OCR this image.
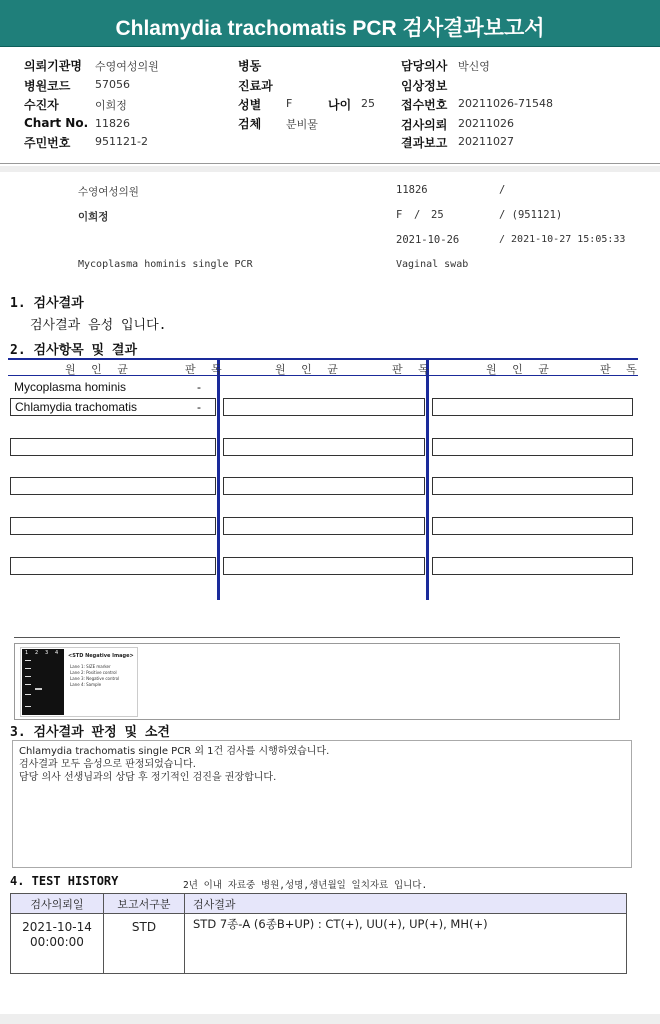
Chlamydia trachomatis PCR 검사결과보고서
의뢰기관명 수영여성의원
병원코드 57056
수진자	이희정
Chart No. 11826
주민번호 951121-2
병동
진료과
성별 F	나이 25
검체 분비물
담당의사 박신영
임상정보
접수번호 20211026-71548
검사의뢰 20211026
결과보고 20211027
수영여성의원	11826	/
이희정	F / 25	/ (951121)
2021-10-26	/ 2021-10-27 15:05:33
Mycoplasma hominis single PCR	Vaginal swab
1. 검사결과
검사결과 음성 입니다.
2. 검사항목 및 결과
원 인 균	판 독	원 인 균	판 독	원 인 균	판 독
Mycoplasma hominis	-
Chlamydia trachomatis	-
1 2 3 4 <STD Negative Image>
Lane 1: SIZE marker
Lane 2: Positive control
Lane 3: Negative control
Lane 4: Sample
3. 검사결과 판정 및 소견
Chlamydia trachomatis single PCR 외 1건 검사를 시행하였습니다.
검사결과 모두 음성으로 판정되었습니다.
담당 의사 선생님과의 상담 후 정기적인 검진을 권장합니다.
4. TEST HISTORY	2년 이내 자료중 병원,성명,생년월일 일치자료 입니다.
검사의뢰일	보고서구분	검사결과

2021-10-14
00:00:00	STD	STD 7종-A (6종B+UP) : CT(+), UU(+), UP(+), MH(+)
